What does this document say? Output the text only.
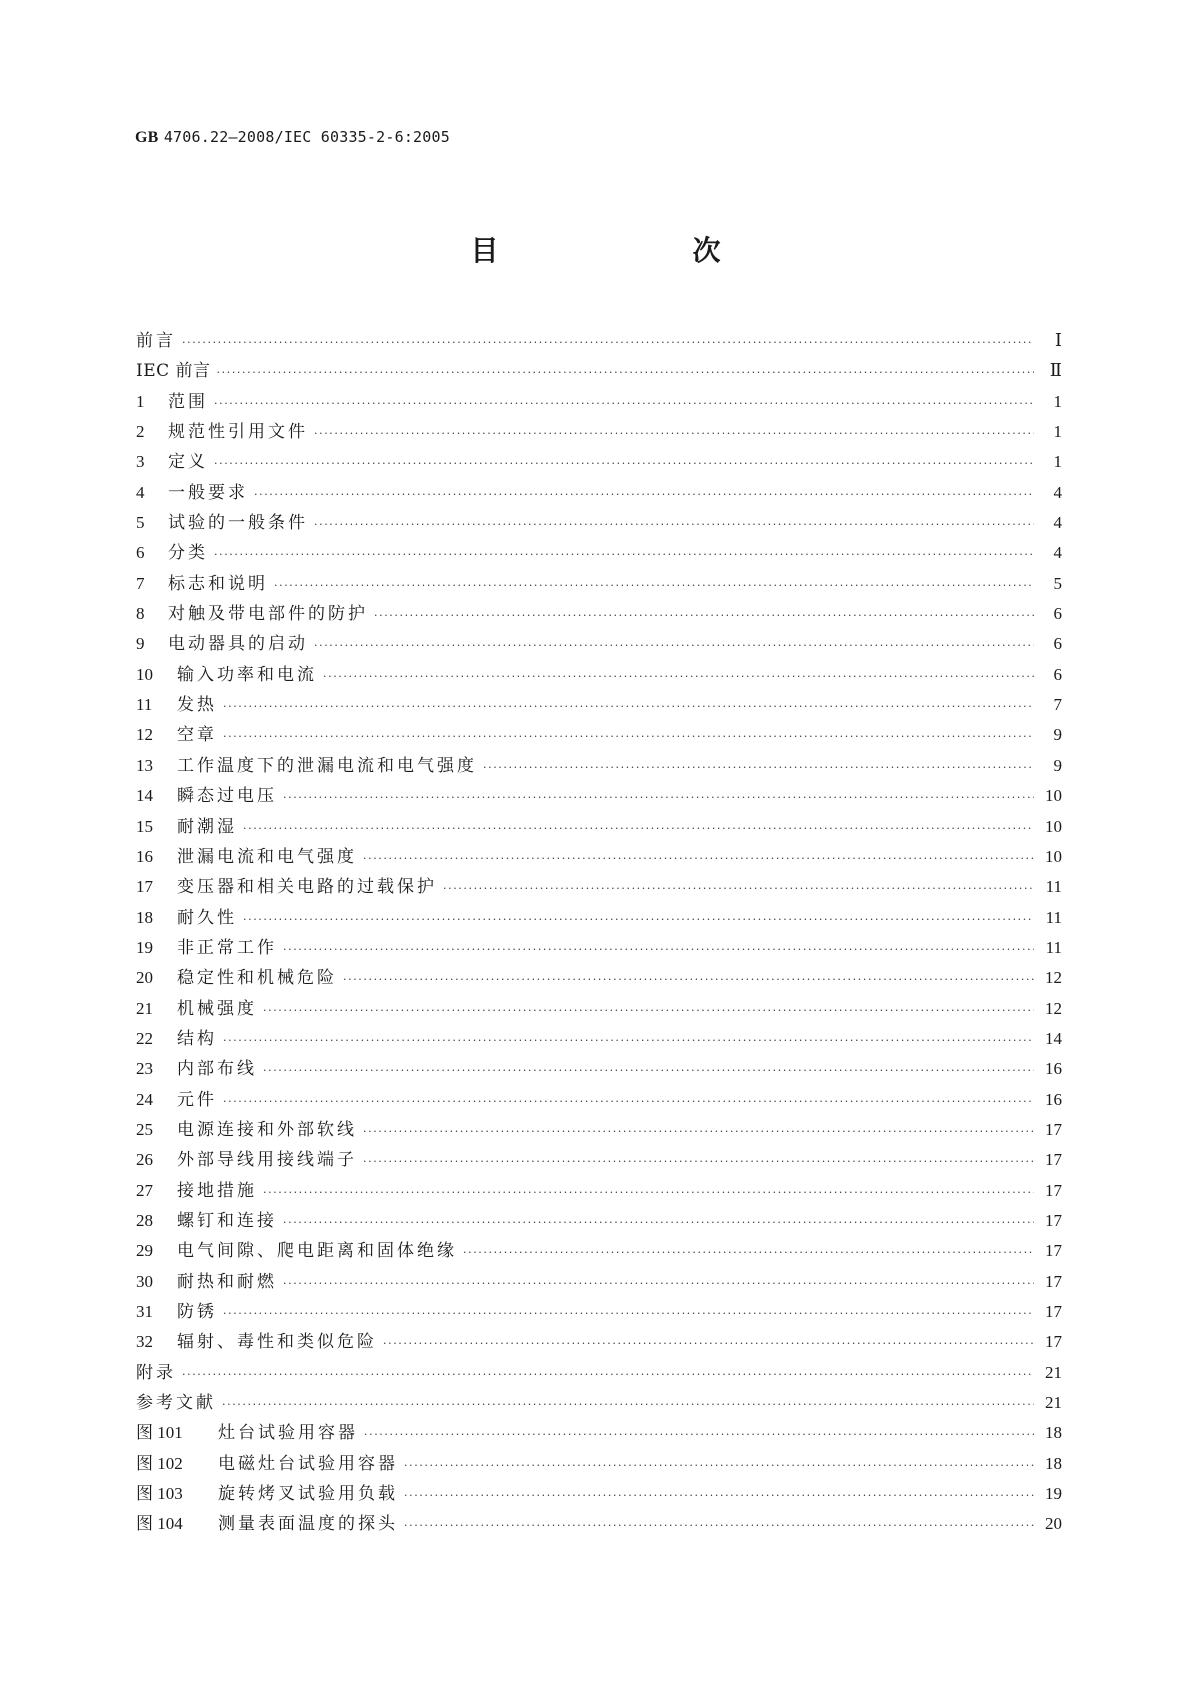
GB 4706.22—2008/IEC 60335-2-6:2005
目　　次
前言 ·····	Ⅰ
IEC 前言 ·····	Ⅱ
1	范围 ·····	1
2	规范性引用文件 ·····	1
3	定义 ·····	1
4	一般要求 ·····	4
5	试验的一般条件 ·····	4
6	分类 ·····	4
7	标志和说明 ·····	5
8	对触及带电部件的防护 ·····	6
9	电动器具的启动 ·····	6
10	输入功率和电流 ·····	6
11	发热 ·····	7
12	空章 ·····	9
13	工作温度下的泄漏电流和电气强度 ·····	9
14	瞬态过电压 ·····	10
15	耐潮湿 ·····	10
16	泄漏电流和电气强度 ·····	10
17	变压器和相关电路的过载保护 ·····	11
18	耐久性 ·····	11
19	非正常工作 ·····	11
20	稳定性和机械危险 ·····	12
21	机械强度 ·····	12
22	结构 ·····	14
23	内部布线 ·····	16
24	元件 ·····	16
25	电源连接和外部软线 ·····	17
26	外部导线用接线端子 ·····	17
27	接地措施 ·····	17
28	螺钉和连接 ·····	17
29	电气间隙、爬电距离和固体绝缘 ·····	17
30	耐热和耐燃 ·····	17
31	防锈 ·····	17
32	辐射、毒性和类似危险 ·····	17
附录 ·····	21
参考文献 ·····	21
图 101	灶台试验用容器 ·····	18
图 102	电磁灶台试验用容器 ·····	18
图 103	旋转烤叉试验用负载 ·····	19
图 104	测量表面温度的探头 ·····	20
